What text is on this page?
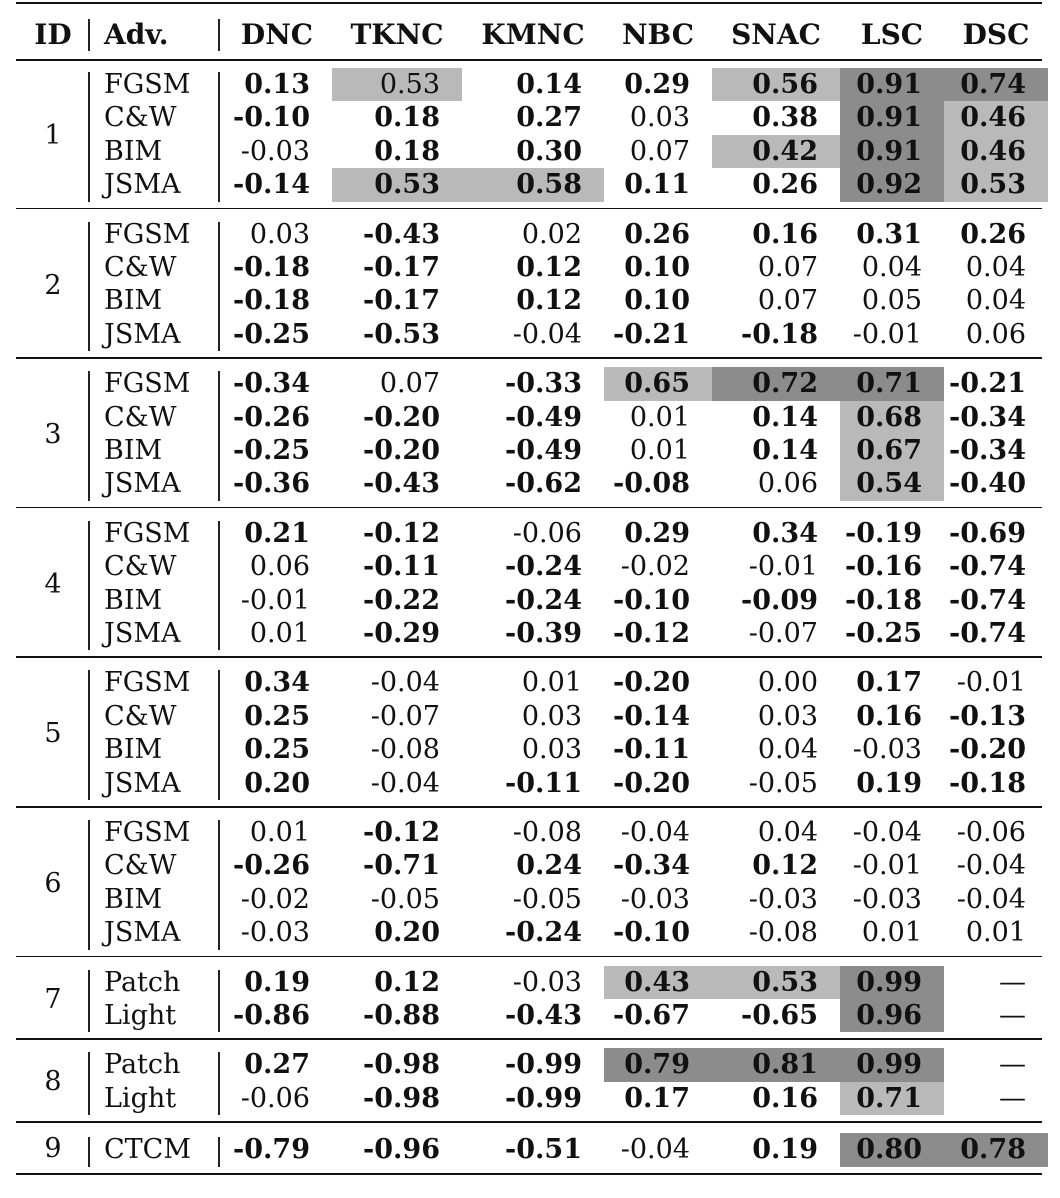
ID	Adv.	DNC	TKNC	KMNC	NBC	SNAC	LSC	DSC
1
FGSM	0.13	0.53	0.14	0.29	0.56	0.91	0.74
C&W	-0.10	0.18	0.27	0.03	0.38	0.91	0.46
BIM	-0.03	0.18	0.30	0.07	0.42	0.91	0.46
JSMA	-0.14	0.53	0.58	0.11	0.26	0.92	0.53
2
FGSM	0.03	-0.43	0.02	0.26	0.16	0.31	0.26
C&W	-0.18	-0.17	0.12	0.10	0.07	0.04	0.04
BIM	-0.18	-0.17	0.12	0.10	0.07	0.05	0.04
JSMA	-0.25	-0.53	-0.04	-0.21	-0.18	-0.01	0.06
3
FGSM	-0.34	0.07	-0.33	0.65	0.72	0.71	-0.21
C&W	-0.26	-0.20	-0.49	0.01	0.14	0.68	-0.34
BIM	-0.25	-0.20	-0.49	0.01	0.14	0.67	-0.34
JSMA	-0.36	-0.43	-0.62	-0.08	0.06	0.54	-0.40
4
FGSM	0.21	-0.12	-0.06	0.29	0.34	-0.19	-0.69
C&W	0.06	-0.11	-0.24	-0.02	-0.01	-0.16	-0.74
BIM	-0.01	-0.22	-0.24	-0.10	-0.09	-0.18	-0.74
JSMA	0.01	-0.29	-0.39	-0.12	-0.07	-0.25	-0.74
5
FGSM	0.34	-0.04	0.01	-0.20	0.00	0.17	-0.01
C&W	0.25	-0.07	0.03	-0.14	0.03	0.16	-0.13
BIM	0.25	-0.08	0.03	-0.11	0.04	-0.03	-0.20
JSMA	0.20	-0.04	-0.11	-0.20	-0.05	0.19	-0.18
6
FGSM	0.01	-0.12	-0.08	-0.04	0.04	-0.04	-0.06
C&W	-0.26	-0.71	0.24	-0.34	0.12	-0.01	-0.04
BIM	-0.02	-0.05	-0.05	-0.03	-0.03	-0.03	-0.04
JSMA	-0.03	0.20	-0.24	-0.10	-0.08	0.01	0.01
7
Patch	0.19	0.12	-0.03	0.43	0.53	0.99	—
Light	-0.86	-0.88	-0.43	-0.67	-0.65	0.96	—
8
Patch	0.27	-0.98	-0.99	0.79	0.81	0.99	—
Light	-0.06	-0.98	-0.99	0.17	0.16	0.71	—
9	CTCM	-0.79	-0.96	-0.51	-0.04	0.19	0.80	0.78
